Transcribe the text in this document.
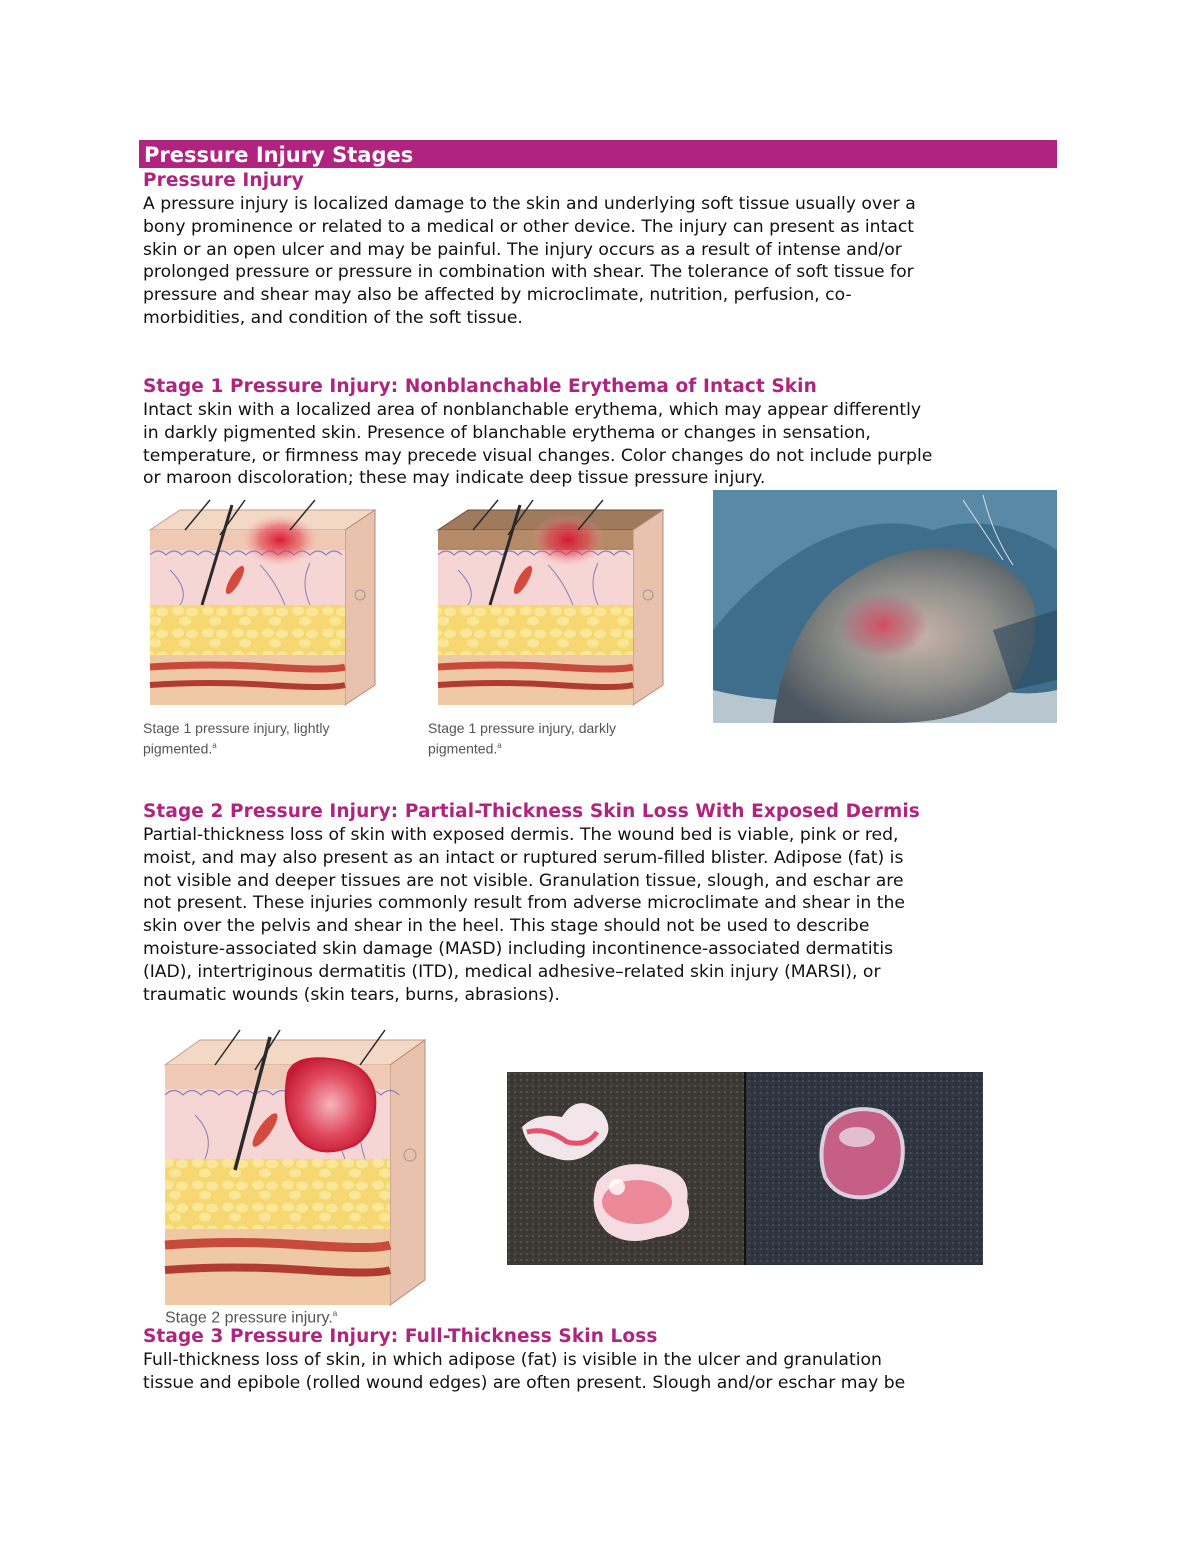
Pressure Injury Stages
Pressure Injury

A pressure injury is localized damage to the skin and underlying soft tissue usually over a
bony prominence or related to a medical or other device. The injury can present as intact
skin or an open ulcer and may be painful. The injury occurs as a result of intense and/or
prolonged pressure or pressure in combination with shear. The tolerance of soft tissue for
pressure and shear may also be affected by microclimate, nutrition, perfusion, co-
morbidities, and condition of the soft tissue.

Stage 1 Pressure Injury: Nonblanchable Erythema of Intact Skin

Intact skin with a localized area of nonblanchable erythema, which may appear differently
in darkly pigmented skin. Presence of blanchable erythema or changes in sensation,
temperature, or firmness may precede visual changes. Color changes do not include purple
or maroon discoloration; these may indicate deep tissue pressure injury.

Stage 1 pressure injury, lightly
pigmented.$^a$
Stage 1 pressure injury, darkly
pigmented.$^a$
Stage 2 Pressure Injury: Partial-Thickness Skin Loss With Exposed Dermis

Partial-thickness loss of skin with exposed dermis. The wound bed is viable, pink or red,
moist, and may also present as an intact or ruptured serum-filled blister. Adipose (fat) is
not visible and deeper tissues are not visible. Granulation tissue, slough, and eschar are
not present. These injuries commonly result from adverse microclimate and shear in the
skin over the pelvis and shear in the heel. This stage should not be used to describe
moisture-associated skin damage (MASD) including incontinence-associated dermatitis
(IAD), intertriginous dermatitis (ITD), medical adhesive–related skin injury (MARSI), or
traumatic wounds (skin tears, burns, abrasions).

Stage 2 pressure injury.$^a$
Stage 3 Pressure Injury: Full-Thickness Skin Loss

Full-thickness loss of skin, in which adipose (fat) is visible in the ulcer and granulation
tissue and epibole (rolled wound edges) are often present. Slough and/or eschar may be
